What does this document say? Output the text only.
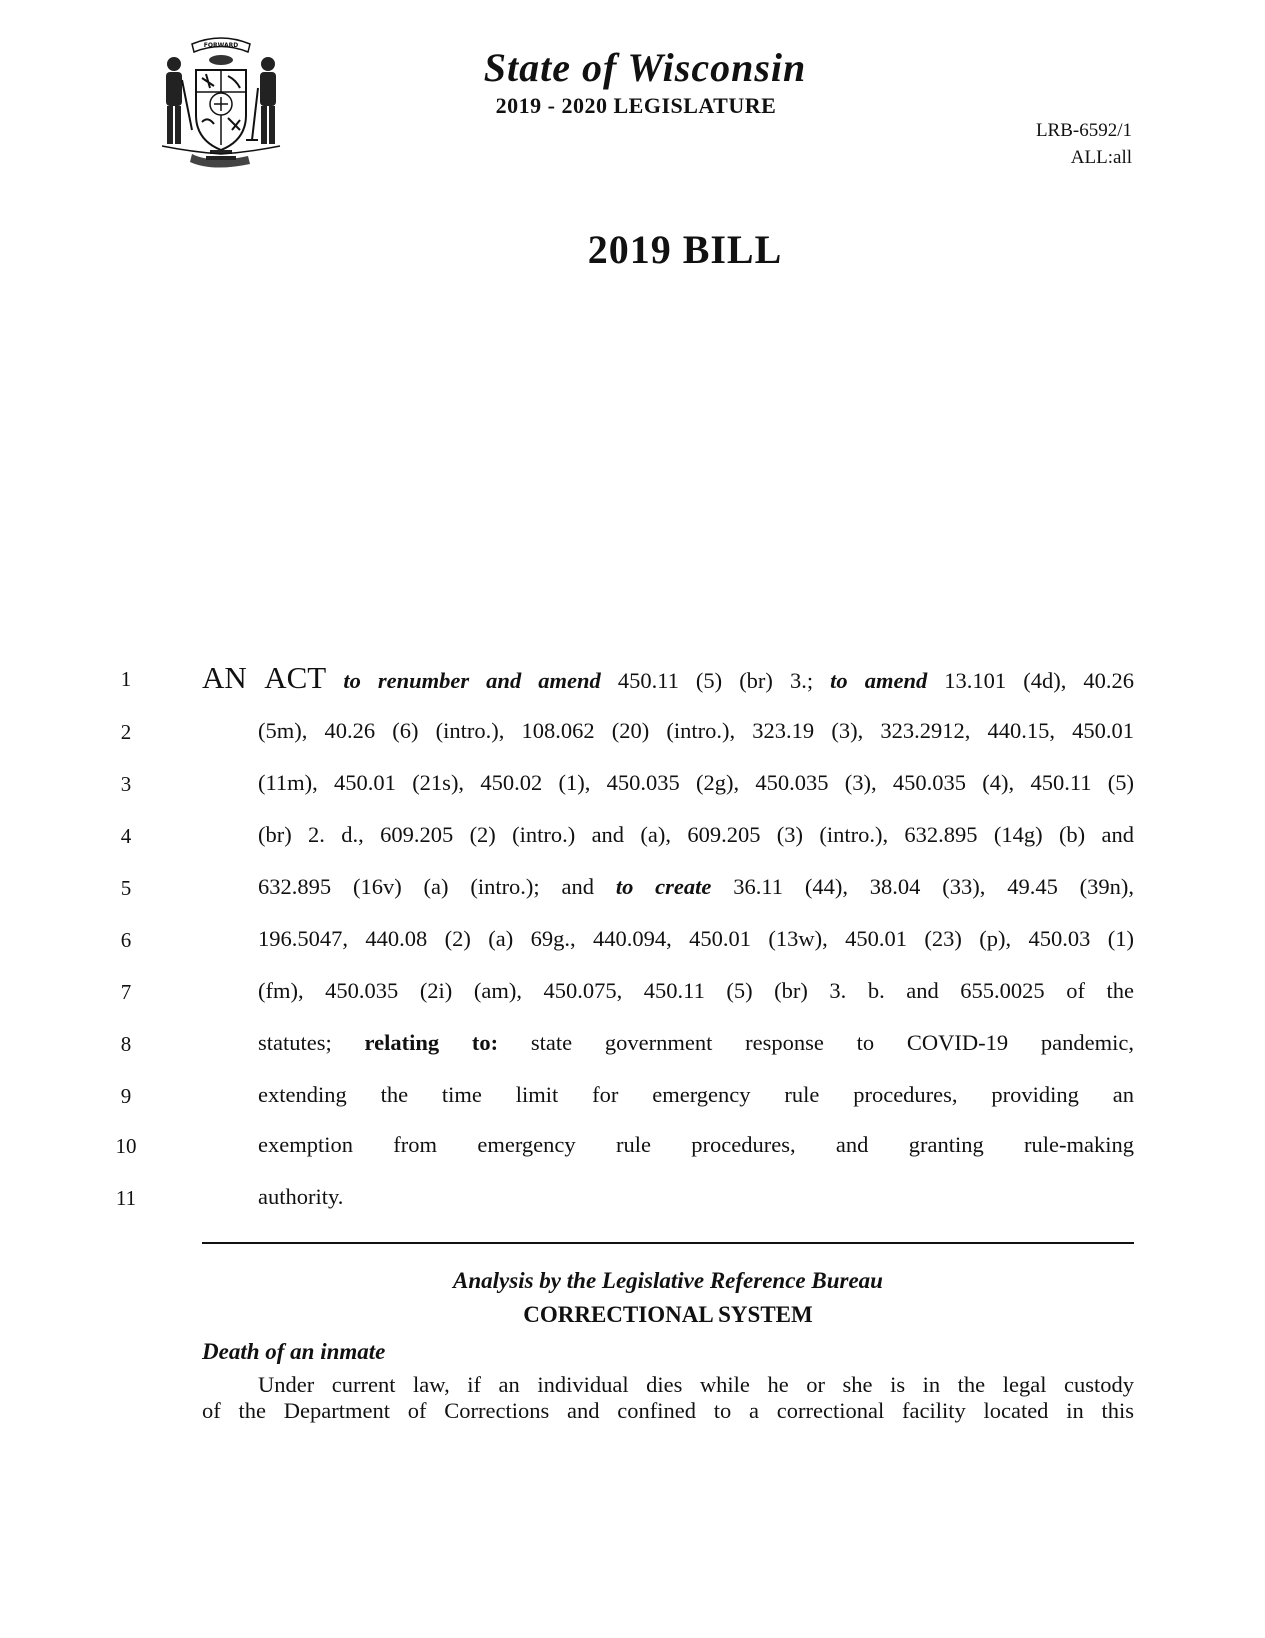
FORWARD	State of Wisconsin
2019 - 2020 LEGISLATURE
LRB-6592/1
ALL:all
2019 BILL
1
2
3
4
5
6
7
8
9
10
11
AN ACT to renumber and amend 450.11 (5) (br) 3.; to amend 13.101 (4d), 40.26
(5m), 40.26 (6) (intro.), 108.062 (20) (intro.), 323.19 (3), 323.2912, 440.15, 450.01
(11m), 450.01 (21s), 450.02 (1), 450.035 (2g), 450.035 (3), 450.035 (4), 450.11 (5)
(br) 2. d., 609.205 (2) (intro.) and (a), 609.205 (3) (intro.), 632.895 (14g) (b) and
632.895 (16v) (a) (intro.); and to create 36.11 (44), 38.04 (33), 49.45 (39n),
196.5047, 440.08 (2) (a) 69g., 440.094, 450.01 (13w), 450.01 (23) (p), 450.03 (1)
(fm), 450.035 (2i) (am), 450.075, 450.11 (5) (br) 3. b. and 655.0025 of the
statutes; relating to: state government response to COVID-19 pandemic,
extending the time limit for emergency rule procedures, providing an
exemption from emergency rule procedures, and granting rule-making
authority.
Analysis by the Legislative Reference Bureau
CORRECTIONAL SYSTEM
Death of an inmate
Under current law, if an individual dies while he or she is in the legal custody
of the Department of Corrections and confined to a correctional facility located in this
